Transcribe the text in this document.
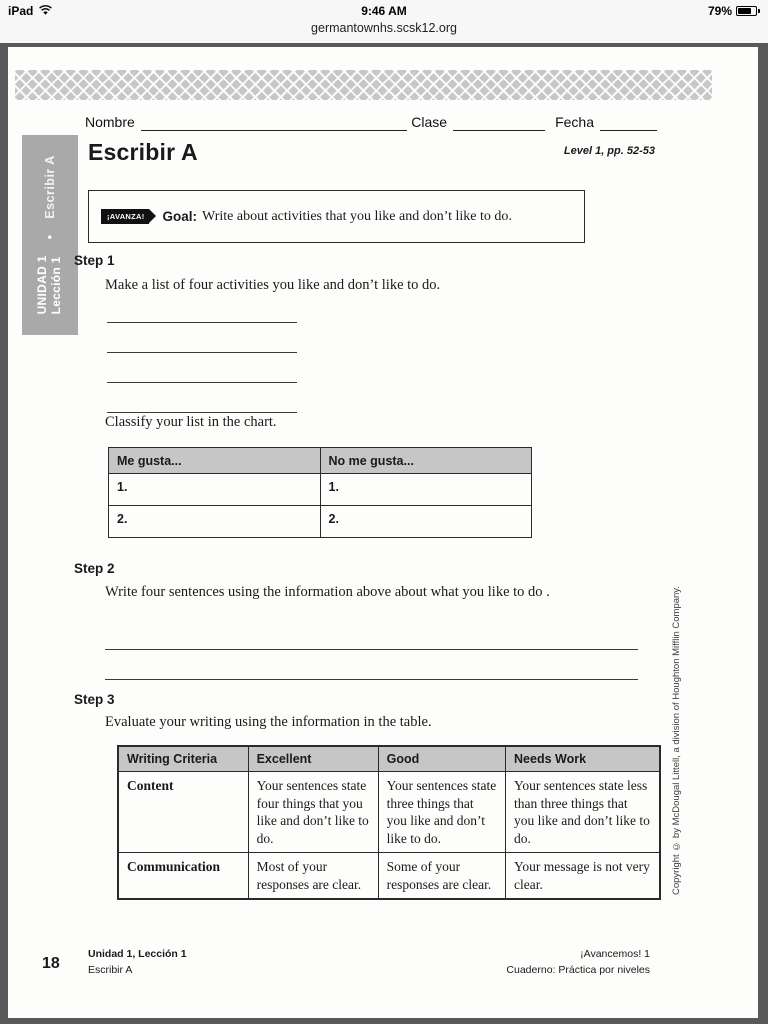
iPad	9:46 AM	79%
germantownhs.scsk12.org
Nombre	Clase	Fecha
UNIDAD 1
Lección 1
•
Escribir A
Escribir A	Level 1, pp. 52-53
¡AVANZA! Goal: Write about activities that you like and don’t like to do.
Step 1
Make a list of four activities you like and don’t like to do.
Classify your list in the chart.
Me gusta...	No me gusta...
1.	1.
2.	2.
Step 2
Write four sentences using the information above about what you like to do .
Step 3
Evaluate your writing using the information in the table.
Writing Criteria	Excellent	Good	Needs Work
Content	Your sentences state four things that you like and don’t like to do.	Your sentences state three things that you like and don’t like to do.	Your sentences state less than three things that you like and don’t like to do.
Communication	Most of your responses are clear.	Some of your responses are clear.	Your message is not very clear.	Copyright © by McDougal Littell, a division of Houghton Mifflin Company.
18
Unidad 1, Lección 1
Escribir A
¡Avancemos! 1
Cuaderno: Práctica por niveles
